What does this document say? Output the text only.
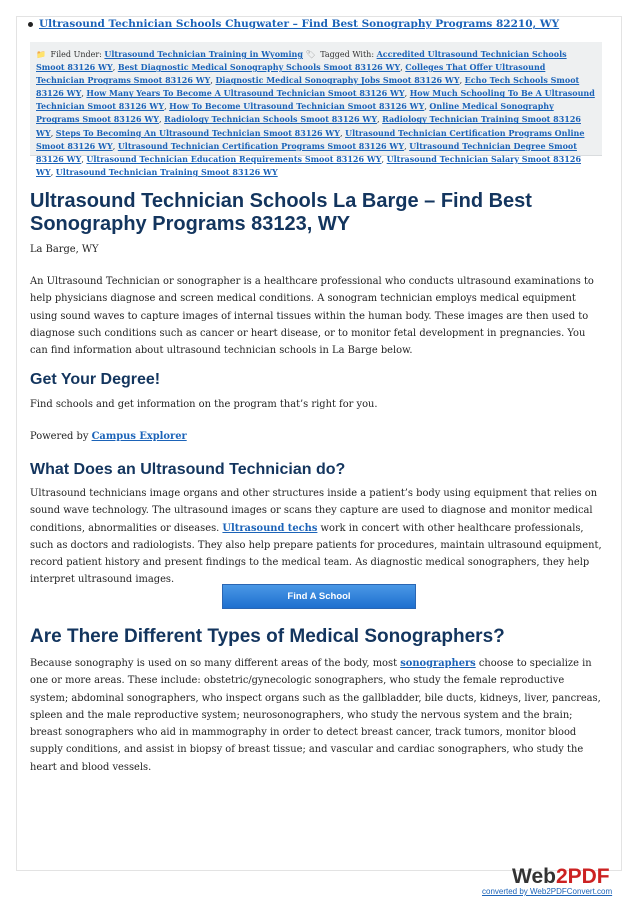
Ultrasound Technician Schools Chugwater – Find Best Sonography Programs 82210, WY
📁 Filed Under: Ultrasound Technician Training in Wyoming 🏷 Tagged With: Accredited Ultrasound Technician Schools Smoot 83126 WY, Best Diagnostic Medical Sonography Schools Smoot 83126 WY, Colleges That Offer Ultrasound Technician Programs Smoot 83126 WY, Diagnostic Medical Sonography Jobs Smoot 83126 WY, Echo Tech Schools Smoot 83126 WY, How Many Years To Become A Ultrasound Technician Smoot 83126 WY, How Much Schooling To Be A Ultrasound Technician Smoot 83126 WY, How To Become Ultrasound Technician Smoot 83126 WY, Online Medical Sonography Programs Smoot 83126 WY, Radiology Technician Schools Smoot 83126 WY, Radiology Technician Training Smoot 83126 WY, Steps To Becoming An Ultrasound Technician Smoot 83126 WY, Ultrasound Technician Certification Programs Online Smoot 83126 WY, Ultrasound Technician Certification Programs Smoot 83126 WY, Ultrasound Technician Degree Smoot 83126 WY, Ultrasound Technician Education Requirements Smoot 83126 WY, Ultrasound Technician Salary Smoot 83126 WY, Ultrasound Technician Training Smoot 83126 WY
Ultrasound Technician Schools La Barge – Find Best Sonography Programs 83123, WY

La Barge, WY

An Ultrasound Technician or sonographer is a healthcare professional who conducts ultrasound examinations to help physicians diagnose and screen medical conditions. A sonogram technician employs medical equipment using sound waves to capture images of internal tissues within the human body. These images are then used to diagnose such conditions such as cancer or heart disease, or to monitor fetal development in pregnancies. You can find information about ultrasound technician schools in La Barge below.

Get Your Degree!

Find schools and get information on the program that’s right for you.

Powered by Campus Explorer

What Does an Ultrasound Technician do?

Ultrasound technicians image organs and other structures inside a patient’s body using equipment that relies on sound wave technology. The ultrasound images or scans they capture are used to diagnose and monitor medical conditions, abnormalities or diseases. Ultrasound techs work in concert with other healthcare professionals, such as doctors and radiologists. They also help prepare patients for procedures, maintain ultrasound equipment, record patient history and present findings to the medical team. As diagnostic medical sonographers, they help interpret ultrasound images.

Find A School
Are There Different Types of Medical Sonographers?

Because sonography is used on so many different areas of the body, most sonographers choose to specialize in one or more areas. These include: obstetric/gynecologic sonographers, who study the female reproductive system; abdominal sonographers, who inspect organs such as the gallbladder, bile ducts, kidneys, liver, pancreas, spleen and the male reproductive system; neurosonographers, who study the nervous system and the brain; breast sonographers who aid in mammography in order to detect breast cancer, track tumors, monitor blood supply conditions, and assist in biopsy of breast tissue; and vascular and cardiac sonographers, who study the heart and blood vessels.

Web2PDF
converted by Web2PDFConvert.com
